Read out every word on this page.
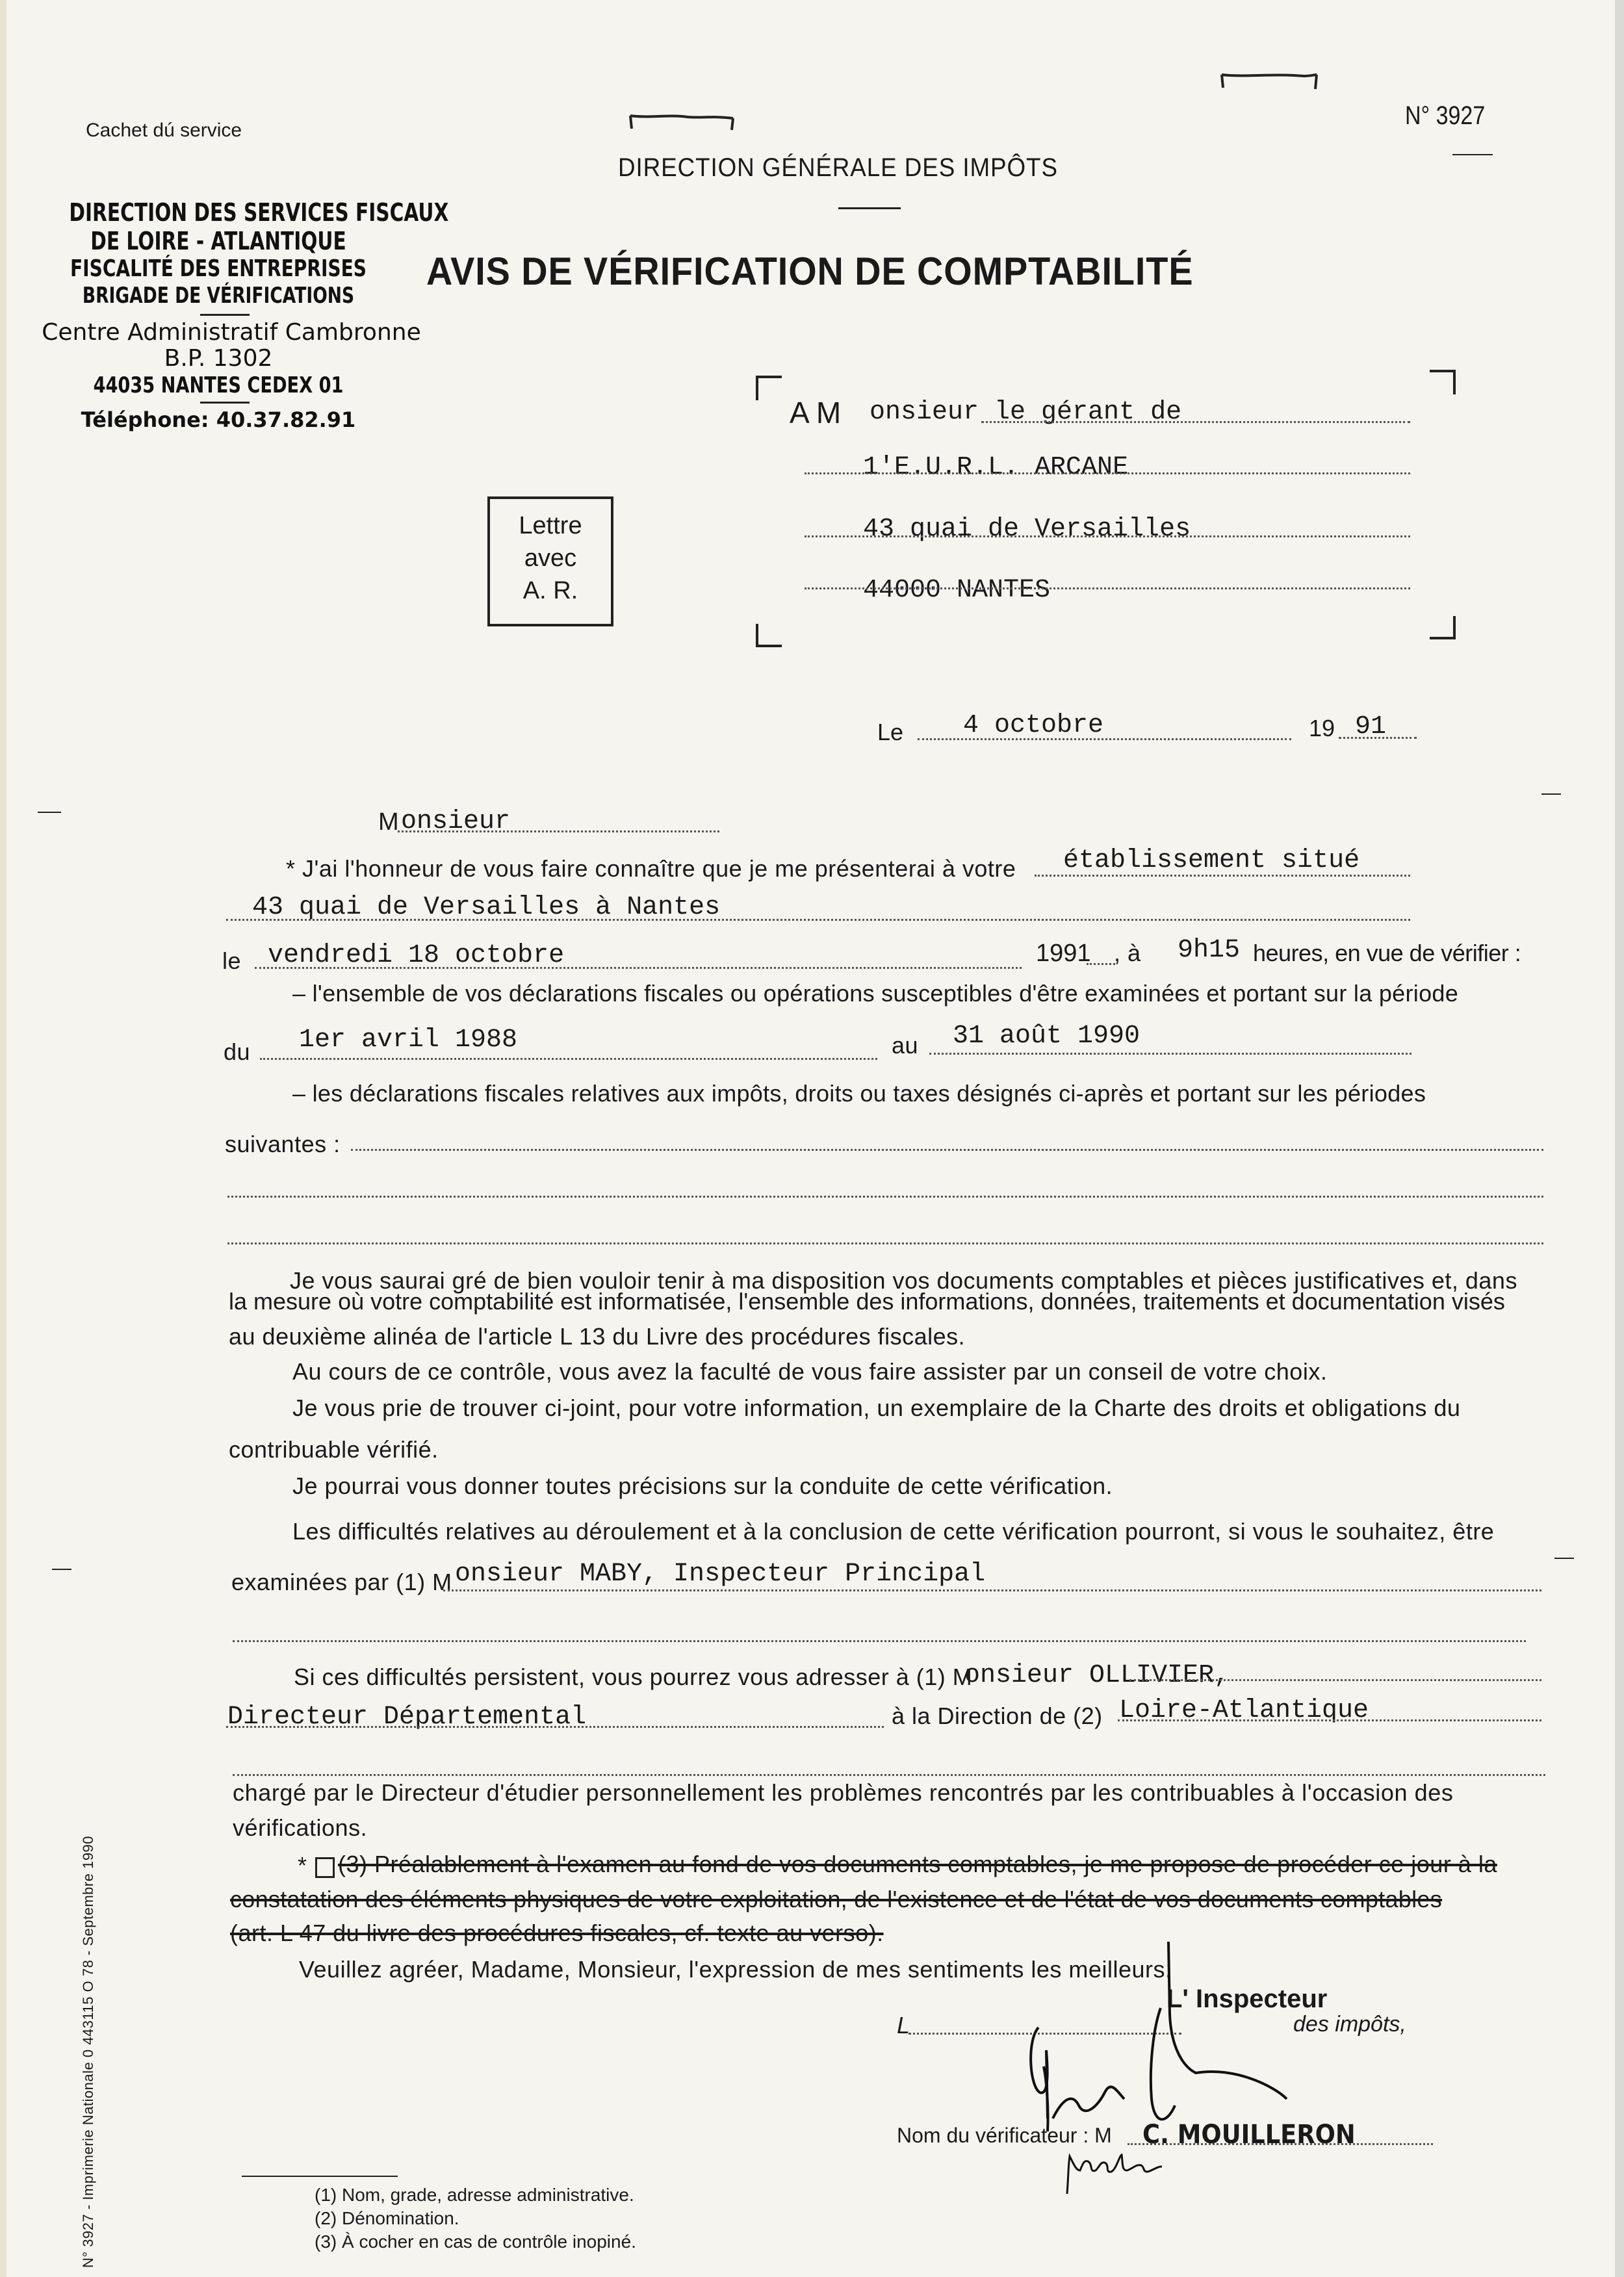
Cachet dú service
N° 3927
DIRECTION GÉNÉRALE DES IMPÔTS
AVIS DE VÉRIFICATION DE COMPTABILITÉ
DIRECTION DES SERVICES FISCAUX
DE LOIRE - ATLANTIQUE
FISCALITÉ DES ENTREPRISES
BRIGADE DE VÉRIFICATIONS
Centre Administratif Cambronne
B.P. 1302
44035 NANTES CEDEX 01
Téléphone: 40.37.82.91
Lettre
avec
A. R.
A M onsieur le gérant de
1'E.U.R.L. ARCANE
43 quai de Versailles
44000 NANTES
Le 4 octobre	19 91
M onsieur
* J'ai l'honneur de vous faire connaître que je me présenterai à votre établissement situé
43 quai de Versailles à Nantes
le vendredi 18 octobre	1991 , à 9h15 heures, en vue de vérifier :
– l'ensemble de vos déclarations fiscales ou opérations susceptibles d'être examinées et portant sur la période
du 1er avril 1988	au 31 août 1990
– les déclarations fiscales relatives aux impôts, droits ou taxes désignés ci-après et portant sur les périodes
suivantes :
Je vous saurai gré de bien vouloir tenir à ma disposition vos documents comptables et pièces justificatives et, dans
la mesure où votre comptabilité est informatisée, l'ensemble des informations, données, traitements et documentation visés
au deuxième alinéa de l'article L 13 du Livre des procédures fiscales.
Au cours de ce contrôle, vous avez la faculté de vous faire assister par un conseil de votre choix.
Je vous prie de trouver ci-joint, pour votre information, un exemplaire de la Charte des droits et obligations du
contribuable vérifié.
Je pourrai vous donner toutes précisions sur la conduite de cette vérification.
Les difficultés relatives au déroulement et à la conclusion de cette vérification pourront, si vous le souhaitez, être
examinées par (1) M onsieur MABY, Inspecteur Principal
Si ces difficultés persistent, vous pourrez vous adresser à (1) M
onsieur OLLIVIER,
Directeur Départemental	à la Direction de (2) Loire-Atlantique
chargé par le Directeur d'étudier personnellement les problèmes rencontrés par les contribuables à l'occasion des
vérifications.
* (3) Préalablement à l'examen au fond de vos documents comptables, je me propose de procéder ce jour à la
constatation des éléments physiques de votre exploitation, de l'existence et de l'état de vos documents comptables
(art. L 47 du livre des procédures fiscales, cf. texte au verso).
Veuillez agréer, Madame, Monsieur, l'expression de mes sentiments les meilleurs.
L
L' Inspecteur
des impôts,
Nom du vérificateur : M C. MOUILLERON
(1) Nom, grade, adresse administrative.
(2) Dénomination.
(3) À cocher en cas de contrôle inopiné.
N° 3927 - Imprimerie Nationale 0 443115 O 78 - Septembre 1990
